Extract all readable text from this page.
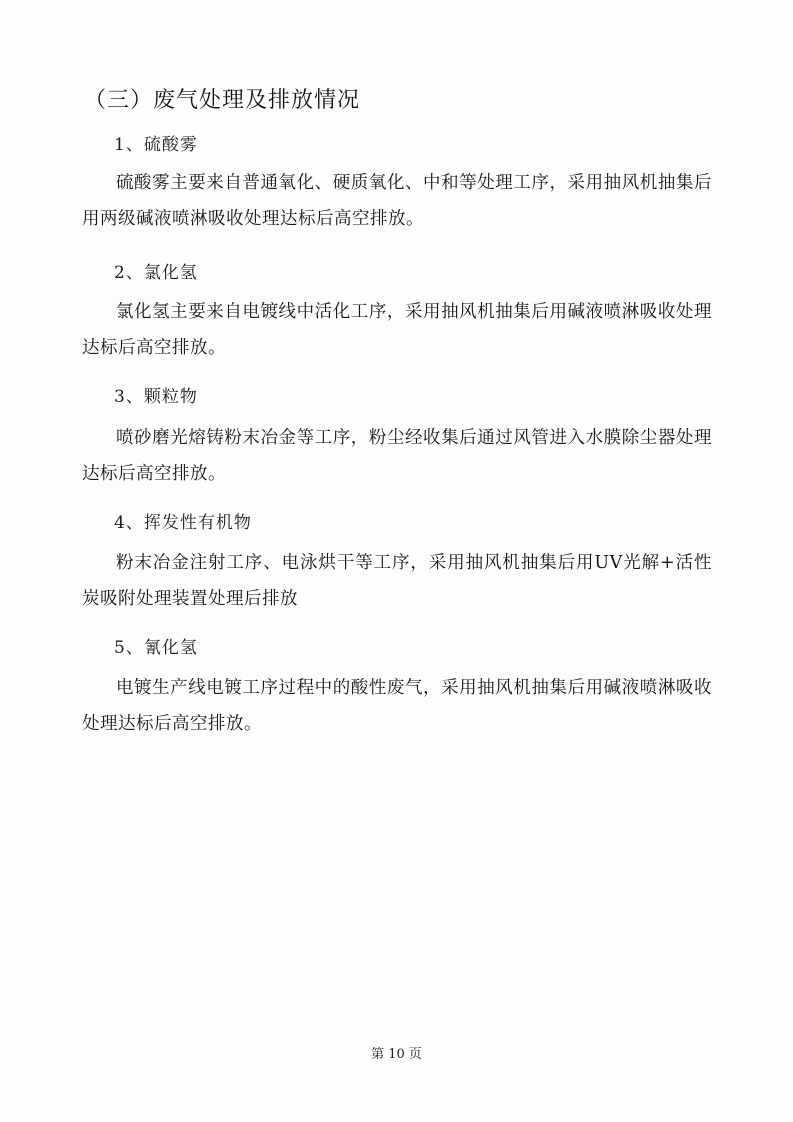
（三）废气处理及排放情况
1、硫酸雾
硫酸雾主要来自普通氧化、硬质氧化、中和等处理工序，采用抽风机抽集后用两级碱液喷淋吸收处理达标后高空排放。
2、氯化氢
氯化氢主要来自电镀线中活化工序，采用抽风机抽集后用碱液喷淋吸收处理达标后高空排放。
3、颗粒物
喷砂磨光熔铸粉末冶金等工序，粉尘经收集后通过风管进入水膜除尘器处理达标后高空排放。
4、挥发性有机物
粉末冶金注射工序、电泳烘干等工序，采用抽风机抽集后用UV光解+活性炭吸附处理装置处理后排放
5、氰化氢
电镀生产线电镀工序过程中的酸性废气，采用抽风机抽集后用碱液喷淋吸收处理达标后高空排放。
第 10 页
